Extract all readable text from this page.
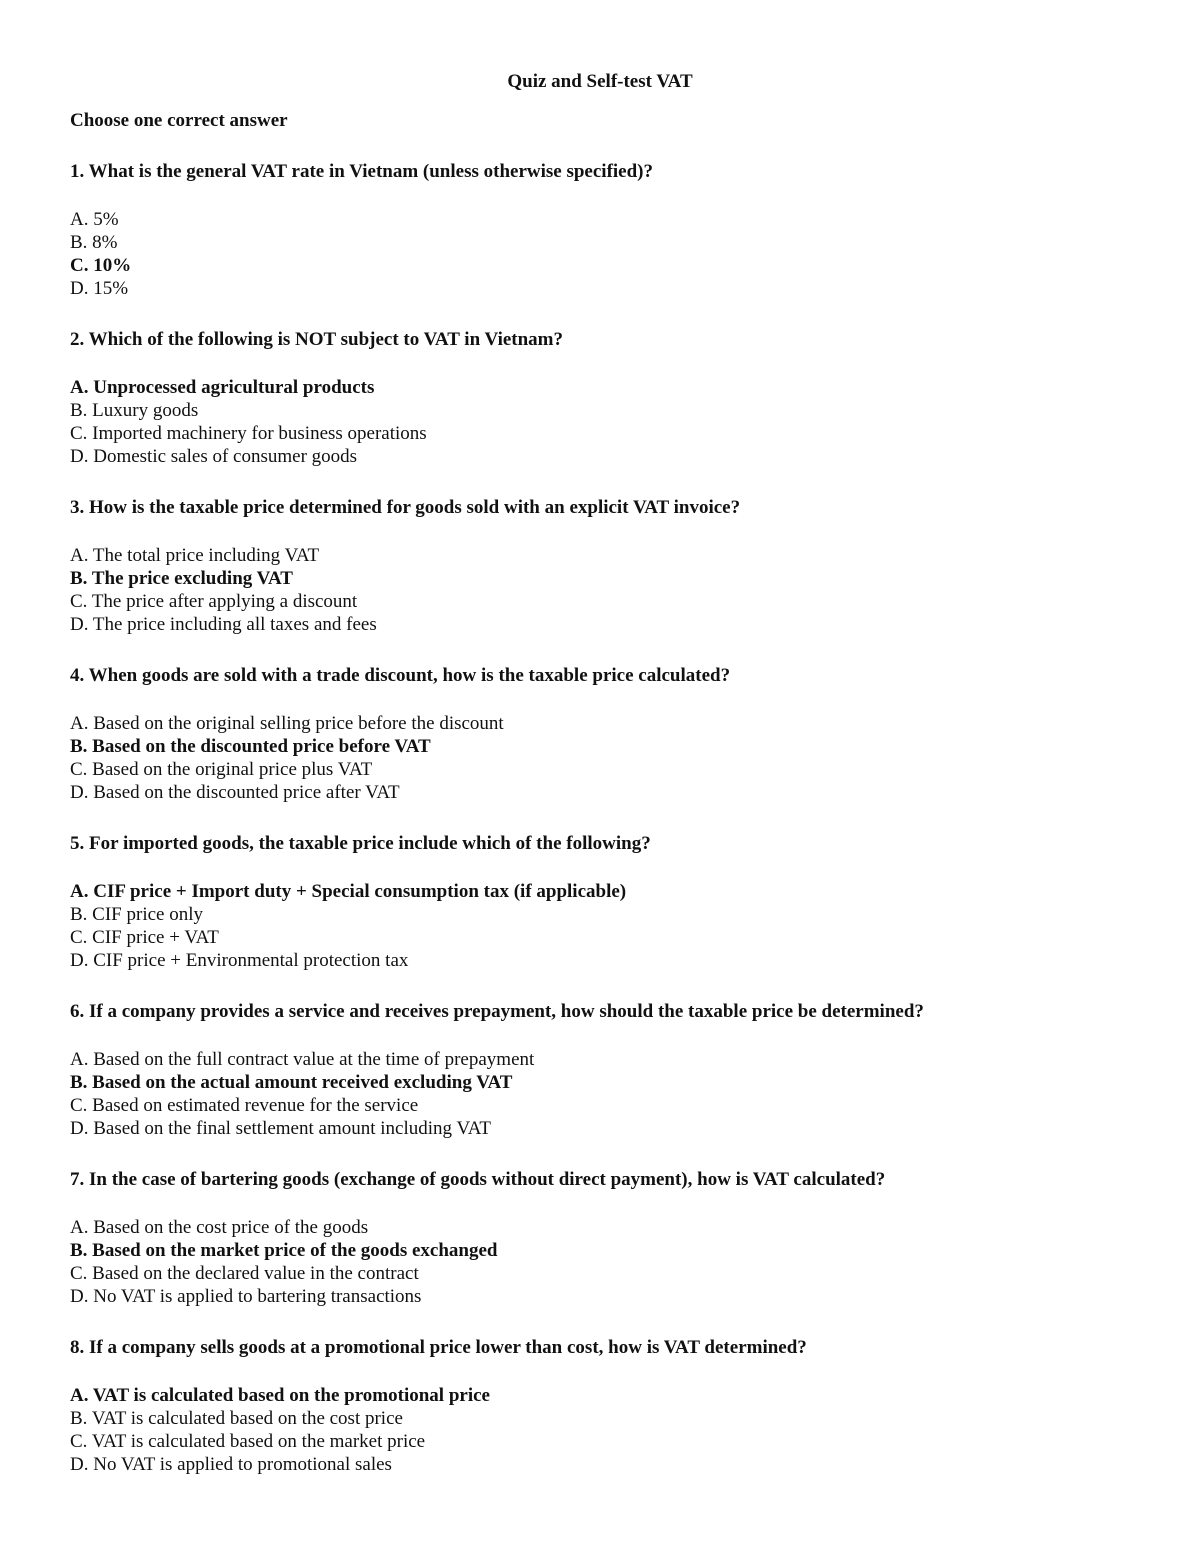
Quiz and Self-test VAT
Choose one correct answer
1. What is the general VAT rate in Vietnam (unless otherwise specified)?
A. 5%
B. 8%
C. 10%
D. 15%
2. Which of the following is NOT subject to VAT in Vietnam?
A. Unprocessed agricultural products
B. Luxury goods
C. Imported machinery for business operations
D. Domestic sales of consumer goods
3. How is the taxable price determined for goods sold with an explicit VAT invoice?
A. The total price including VAT
B. The price excluding VAT
C. The price after applying a discount
D. The price including all taxes and fees
4. When goods are sold with a trade discount, how is the taxable price calculated?
A. Based on the original selling price before the discount
B. Based on the discounted price before VAT
C. Based on the original price plus VAT
D. Based on the discounted price after VAT
5. For imported goods, the taxable price include which of the following?
A. CIF price + Import duty + Special consumption tax (if applicable)
B. CIF price only
C. CIF price + VAT
D. CIF price + Environmental protection tax
6. If a company provides a service and receives prepayment, how should the taxable price be determined?
A. Based on the full contract value at the time of prepayment
B. Based on the actual amount received excluding VAT
C. Based on estimated revenue for the service
D. Based on the final settlement amount including VAT
7. In the case of bartering goods (exchange of goods without direct payment), how is VAT calculated?
A. Based on the cost price of the goods
B. Based on the market price of the goods exchanged
C. Based on the declared value in the contract
D. No VAT is applied to bartering transactions
8. If a company sells goods at a promotional price lower than cost, how is VAT determined?
A. VAT is calculated based on the promotional price
B. VAT is calculated based on the cost price
C. VAT is calculated based on the market price
D. No VAT is applied to promotional sales
